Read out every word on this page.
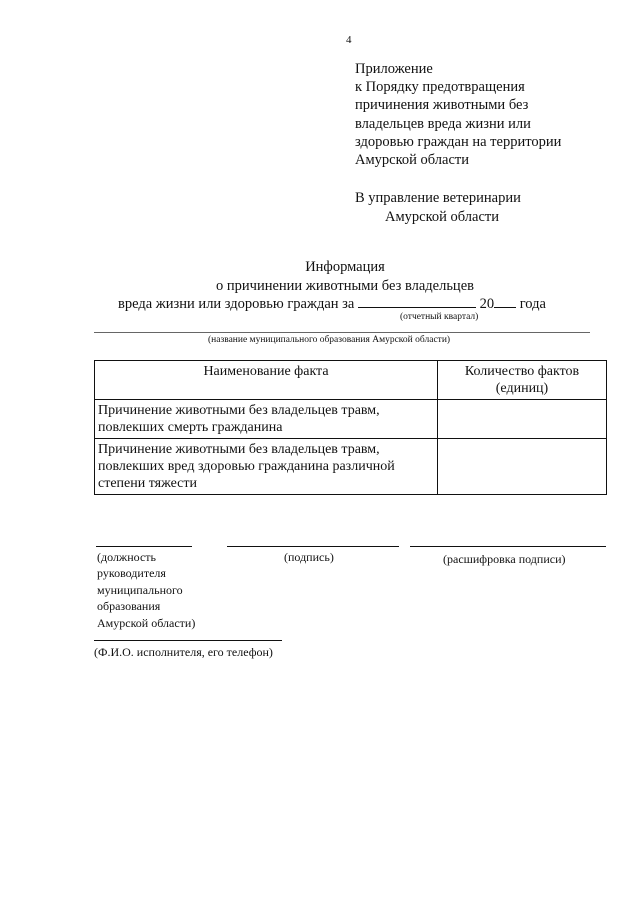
4
Приложение
к Порядку предотвращения
причинения животными без
владельцев вреда жизни или
здоровью граждан на территории
Амурской области
В управление ветеринарии
Амурской области
Информация
о причинении животными без владельцев
вреда жизни или здоровью граждан за	20 года
(отчетный квартал)
(название муниципального образования Амурской области)
Наименование факта	Количество фактов (единиц)
Причинение животными без владельцев травм, повлекших смерть гражданина	
Причинение животными без владельцев травм, повлекших вред здоровью гражданина различной степени тяжести	
(должность
руководителя
муниципального
образования
Амурской области)
(подпись)	(расшифровка подписи)
(Ф.И.О. исполнителя, его телефон)
